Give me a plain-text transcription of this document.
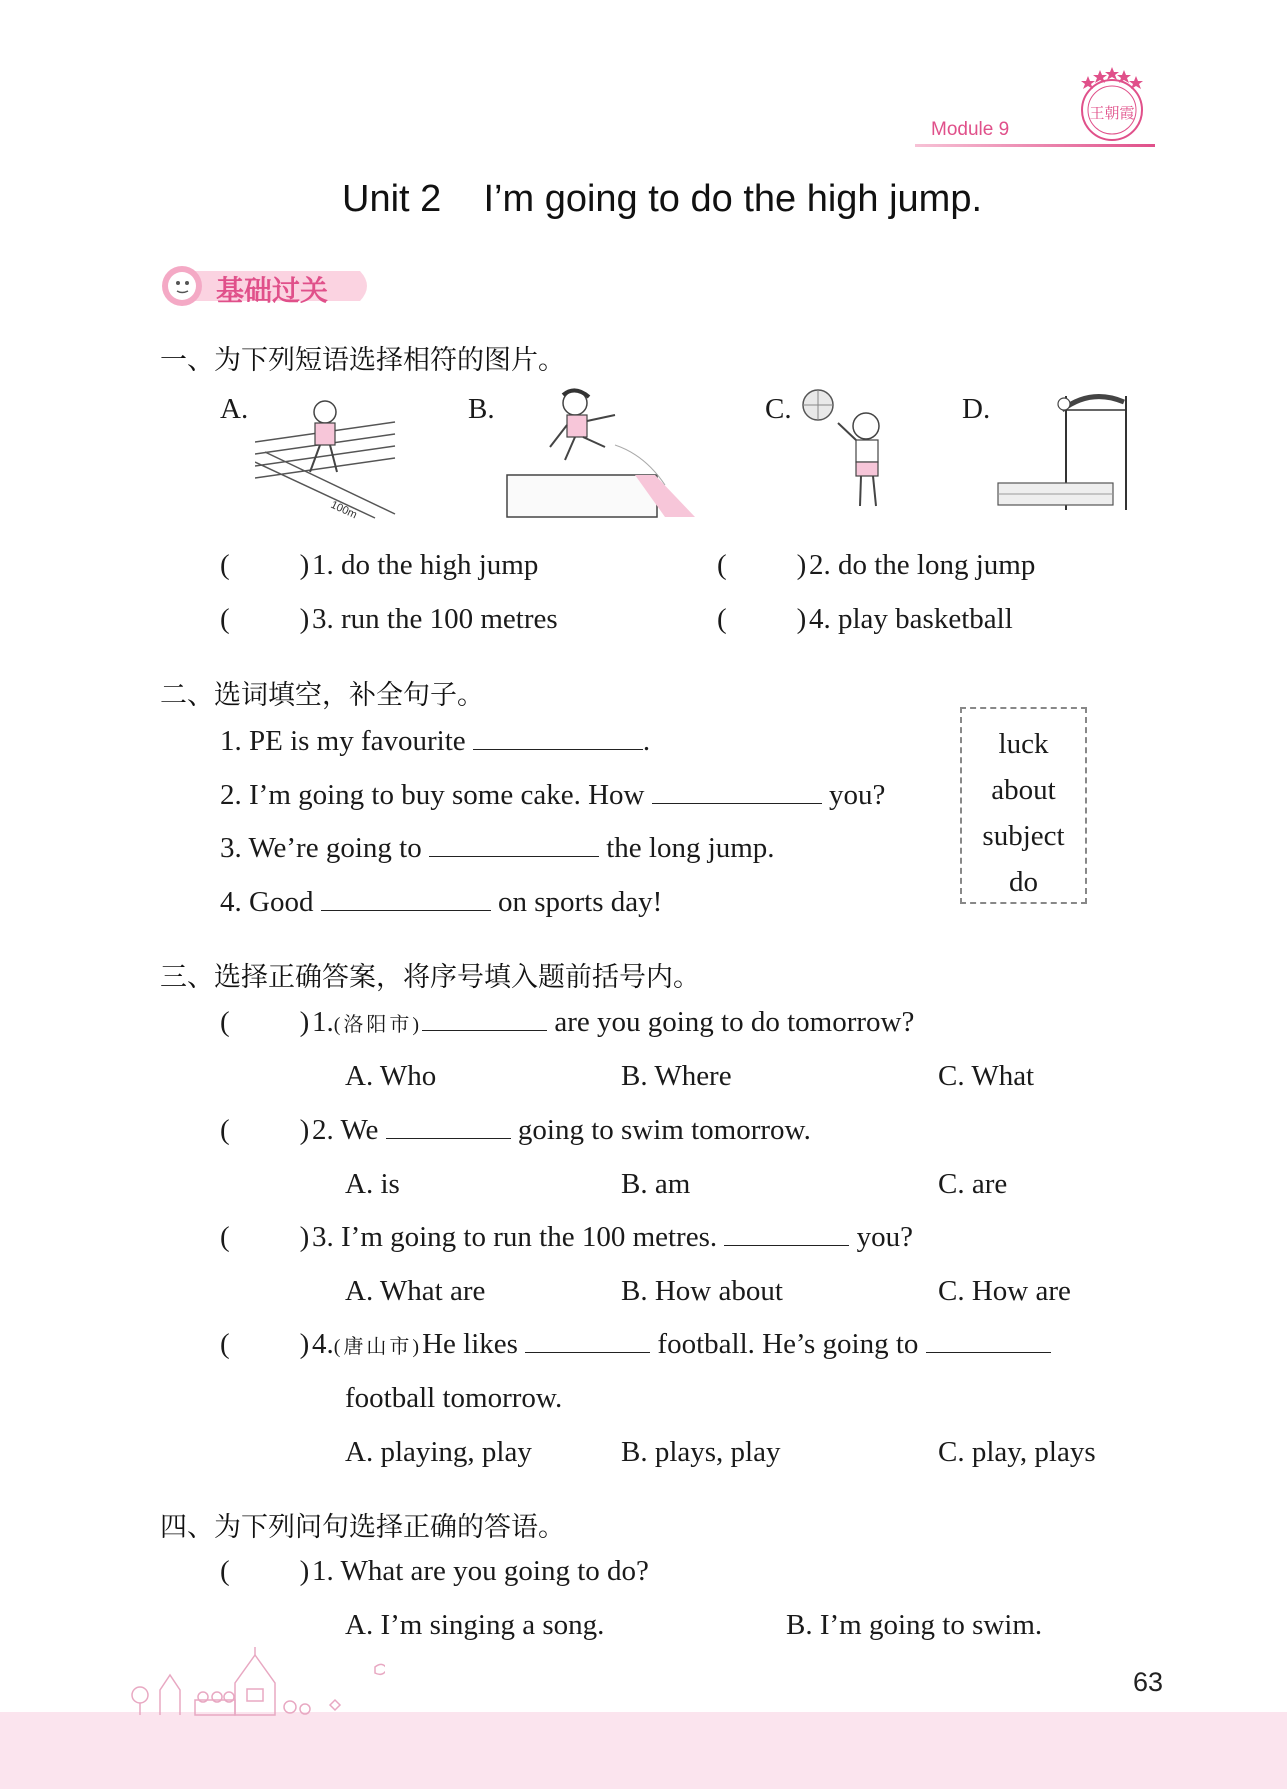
Module 9
王朝霞
Unit 2    I’m going to do the high jump.
基础过关
一、为下列短语选择相符的图片。
A.
100m
B.	C.	D.
( ) 1. do the high jump	( ) 2. do the long jump
( ) 3. run the 100 metres	( ) 4. play basketball
二、选词填空，补全句子。
1. PE is my favourite	.
2. I’m going to buy some cake. How	you?
3. We’re going to	the long jump.
4. Good	on sports day!
luck
about
subject
do
三、选择正确答案，将序号填入题前括号内。
( ) 1.(洛阳市)	are you going to do tomorrow?
A. Who	B. Where	C. What
( ) 2. We	going to swim tomorrow.
A. is	B. am	C. are
( ) 3. I’m going to run the 100 metres.	you?
A. What are	B. How about	C. How are
( ) 4.(唐山市)He likes	football. He’s going to
football tomorrow.
A. playing, play	B. plays, play	C. play, plays
四、为下列问句选择正确的答语。
( ) 1. What are you going to do?
A. I’m singing a song.	B. I’m going to swim.
63
